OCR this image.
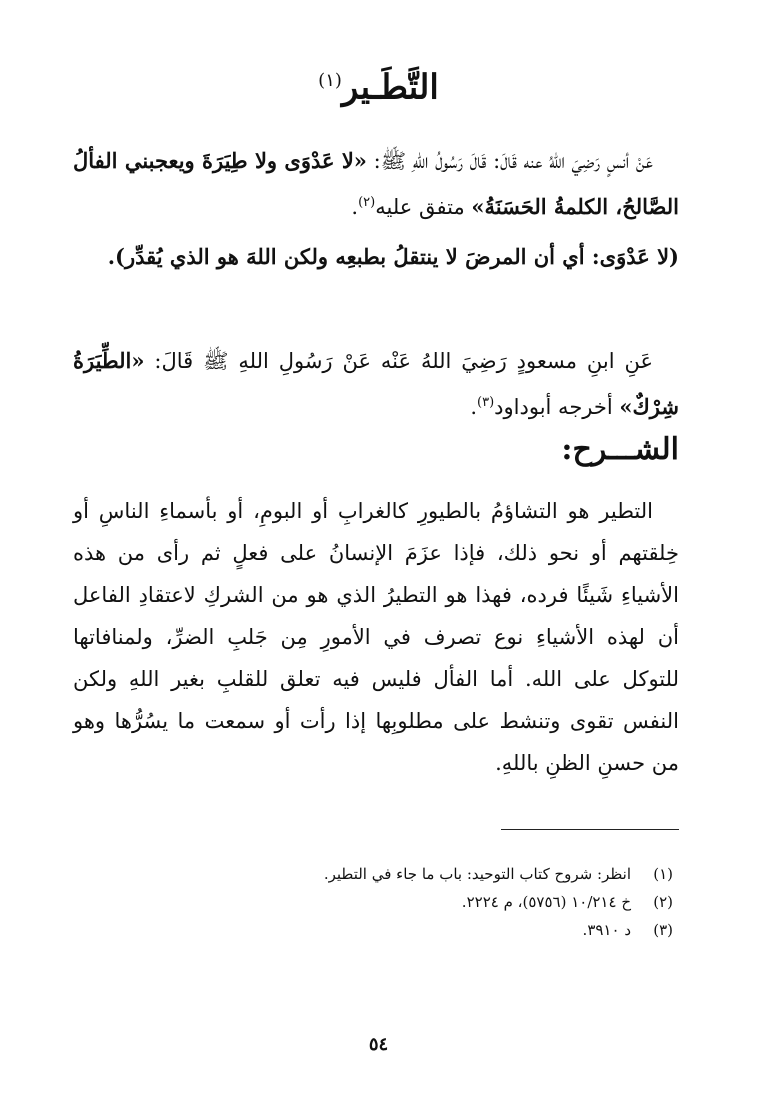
التَّطَـير$^{(١)}$
عَنْ أنسٍ رَضِيَ اللهُ عنه قَالَ: قَالَ رَسُولُ اللهِ ﷺ: «لا عَدْوَى ولا طِيَرَةَ ويعجبني الفألُ الصَّالحُ، الكلمةُ الحَسَنَةُ» متفق عليه$^{(٢)}$.
(لا عَدْوَى: أي أن المرضَ لا ينتقلُ بطبعِه ولكن اللهَ هو الذي يُقدِّر).
عَنِ ابنِ مسعودٍ رَضِيَ اللهُ عَنْه عَنْ رَسُولِ اللهِ ﷺ قَالَ: «الطِّيَرَةُ شِرْكٌ» أخرجه أبوداود$^{(٣)}$.
الشـــرح:
التطير هو التشاؤمُ بالطيورِ كالغرابِ أو البومِ، أو بأسماءِ الناسِ أو خِلقتهم أو نحو ذلك، فإذا عزَمَ الإنسانُ على فعلٍ ثم رأى من هذه الأشياءِ شَيئًا فرده، فهذا هو التطيرُ الذي هو من الشركِ لاعتقادِ الفاعل أن لهذه الأشياءِ نوع تصرف في الأمورِ مِن جَلبِ الضرِّ، ولمنافاتها للتوكل على الله. أما الفأل فليس فيه تعلق للقلبِ بغير اللهِ ولكن النفس تقوى وتنشط على مطلوبِها إذا رأت أو سمعت ما يسُرُّها وهو من حسنِ الظنِ باللهِ.
(١)
انظر: شروح كتاب التوحيد: باب ما جاء في التطير.
(٢)
خ ١٠/٢١٤ (٥٧٥٦)، م ٢٢٢٤.
(٣)
د ٣٩١٠.
٥٤
